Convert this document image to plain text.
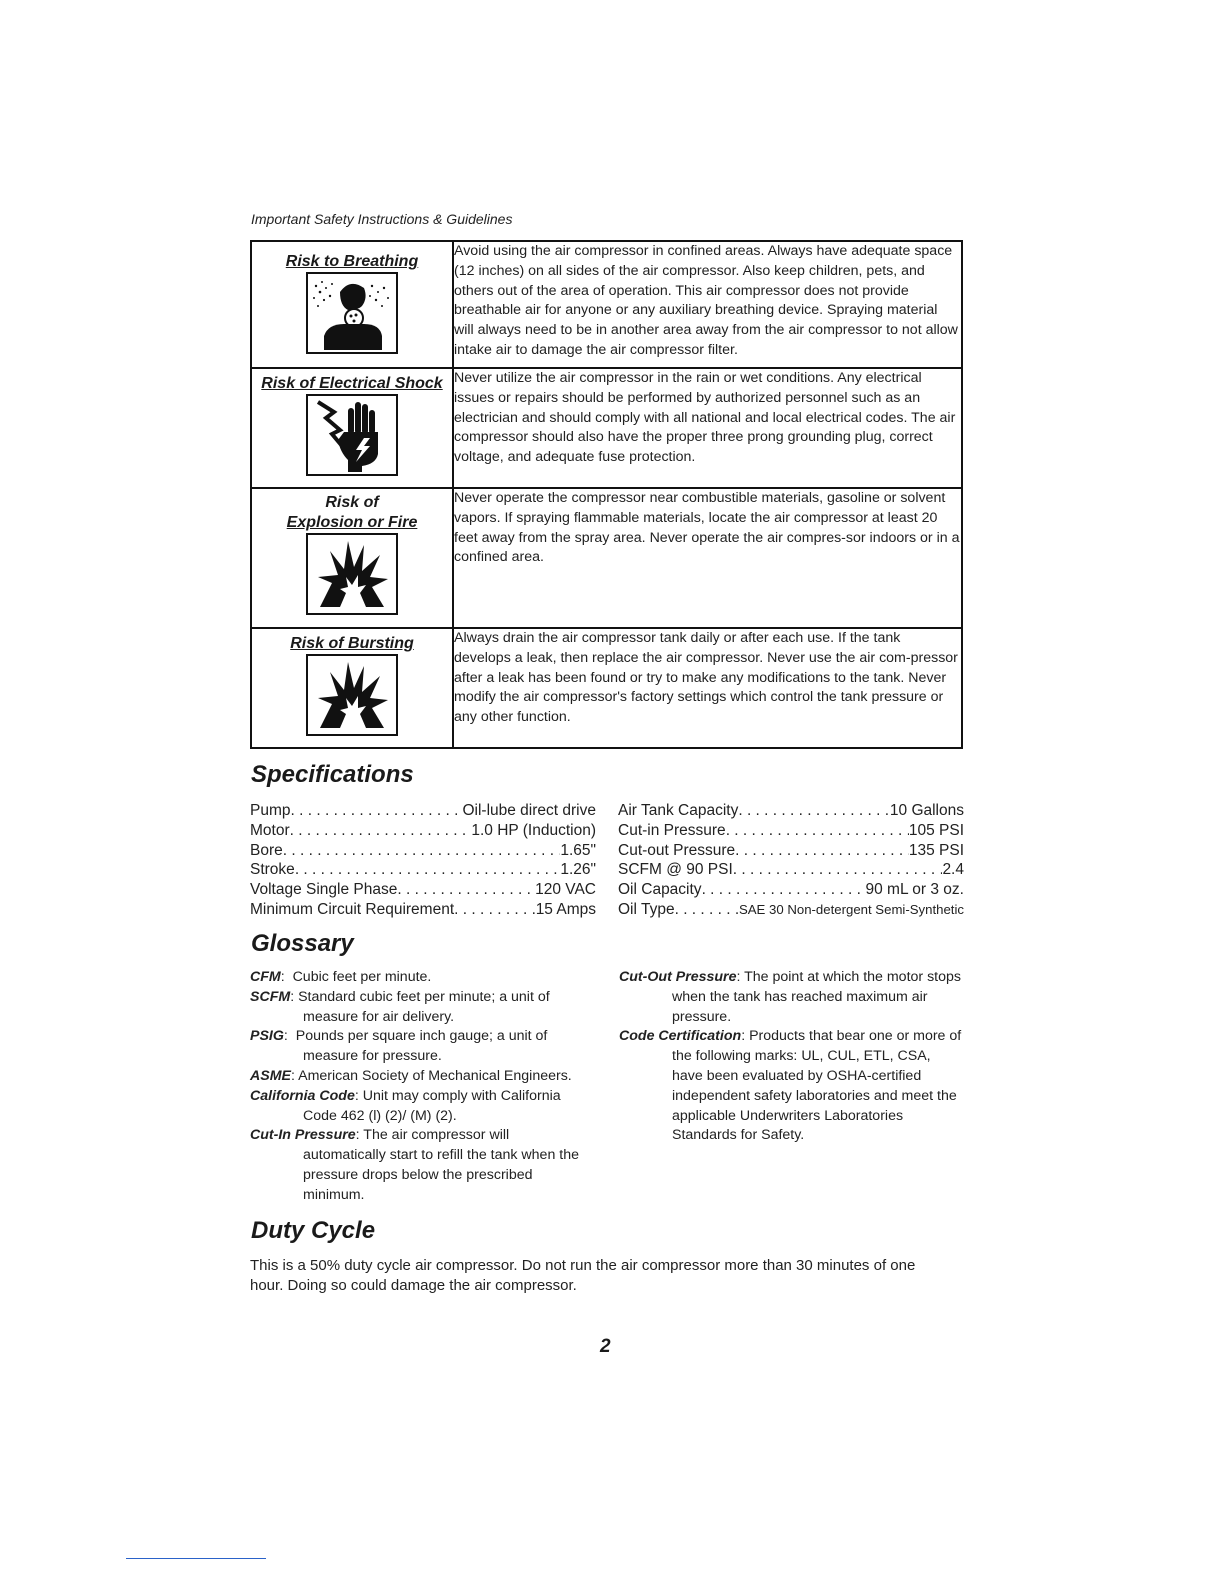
Important Safety Instructions & Guidelines
Risk to Breathing	Avoid using the air compressor in confined areas. Always have adequate space (12 inches) on all sides of the air compressor. Also keep children, pets, and others out of the area of operation. This air compressor does not provide breathable air for anyone or any auxiliary breathing device. Spraying material will always need to be in another area away from the air compressor to not allow intake air to damage the air compressor filter.

Risk of Electrical Shock	Never utilize the air compressor in the rain or wet conditions. Any electrical issues or repairs should be performed by authorized personnel such as an electrician and should comply with all national and local electrical codes. The air compressor should also have the proper three prong grounding plug, correct voltage, and adequate fuse protection.

Risk of
Explosion or Fire	Never operate the compressor near combustible materials, gasoline or solvent vapors. If spraying flammable materials, locate the air compressor at least 20 feet away from the spray area. Never operate the air compres-sor indoors or in a confined area.

Risk of Bursting	Always drain the air compressor tank daily or after each use. If the tank develops a leak, then replace the air compressor. Never use the air com-pressor after a leak has been found or try to make any modifications to the tank. Never modify the air compressor's factory settings which control the tank pressure or any other function.
Specifications
Pump . . .	Oil-lube direct drive
Motor . . .	1.0 HP (Induction)
Bore . . .	1.65"
Stroke . . .	1.26"
Voltage Single Phase . . .	120 VAC
Minimum Circuit Requirement . . .	15 Amps
Air Tank Capacity . . .	10 Gallons
Cut-in Pressure . . .	105 PSI
Cut-out Pressure . . .	135 PSI
SCFM @ 90 PSI . . .	2.4
Oil Capacity . . .	90 mL or 3 oz.
Oil Type . . .	SAE 30 Non-detergent Semi-Synthetic
Glossary
CFM:  Cubic feet per minute.
SCFM: Standard cubic feet per minute; a unit of measure for air delivery.
PSIG:  Pounds per square inch gauge; a unit of measure for pressure.
ASME: American Society of Mechanical Engineers.
California Code: Unit may comply with California Code 462 (l) (2)/ (M) (2).
Cut-In Pressure: The air compressor will automatically start to refill the tank when the pressure drops below the prescribed minimum.
Cut-Out Pressure: The point at which the motor stops when the tank has reached maximum air pressure.
Code Certification: Products that bear one or more of the following marks: UL, CUL, ETL, CSA, have been evaluated by OSHA-certified independent safety laboratories and meet the applicable Underwriters Laboratories Standards for Safety.
Duty Cycle
This is a 50% duty cycle air compressor. Do not run the air compressor more than 30 minutes of one hour. Doing so could damage the air compressor.
2
